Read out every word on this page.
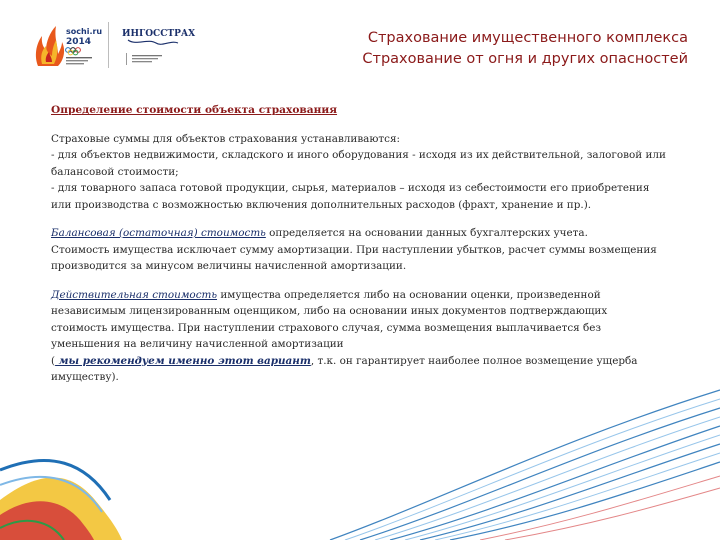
sochi.ru
2014
ИНГОССТРАХ	Страхование имущественного комплекса
Страхование от огня и других опасностей

Определение стоимости объекта страхования

Страховые суммы для объектов страхования устанавливаются:

- для объектов недвижимости, складского и иного оборудования - исходя из их действительной, залоговой или

балансовой стоимости;

- для товарного запаса готовой продукции, сырья, материалов – исходя из себестоимости его приобретения

или производства с возможностью включения дополнительных расходов (фрахт, хранение и пр.).

Балансовая (остаточная) стоимость определяется на основании данных бухгалтерских учета.

Стоимость имущества исключает сумму амортизации. При наступлении убытков, расчет суммы возмещения

производится за минусом величины начисленной амортизации.

Действительная стоимость имущества определяется либо на основании оценки, произведенной

независимым лицензированным оценщиком, либо на основании иных документов подтверждающих

стоимость имущества. При наступлении страхового случая, сумма возмещения выплачивается без

уменьшения на величину начисленной амортизации

( мы рекомендуем именно этот вариант, т.к. он гарантирует наиболее полное возмещение ущерба

имуществу).
